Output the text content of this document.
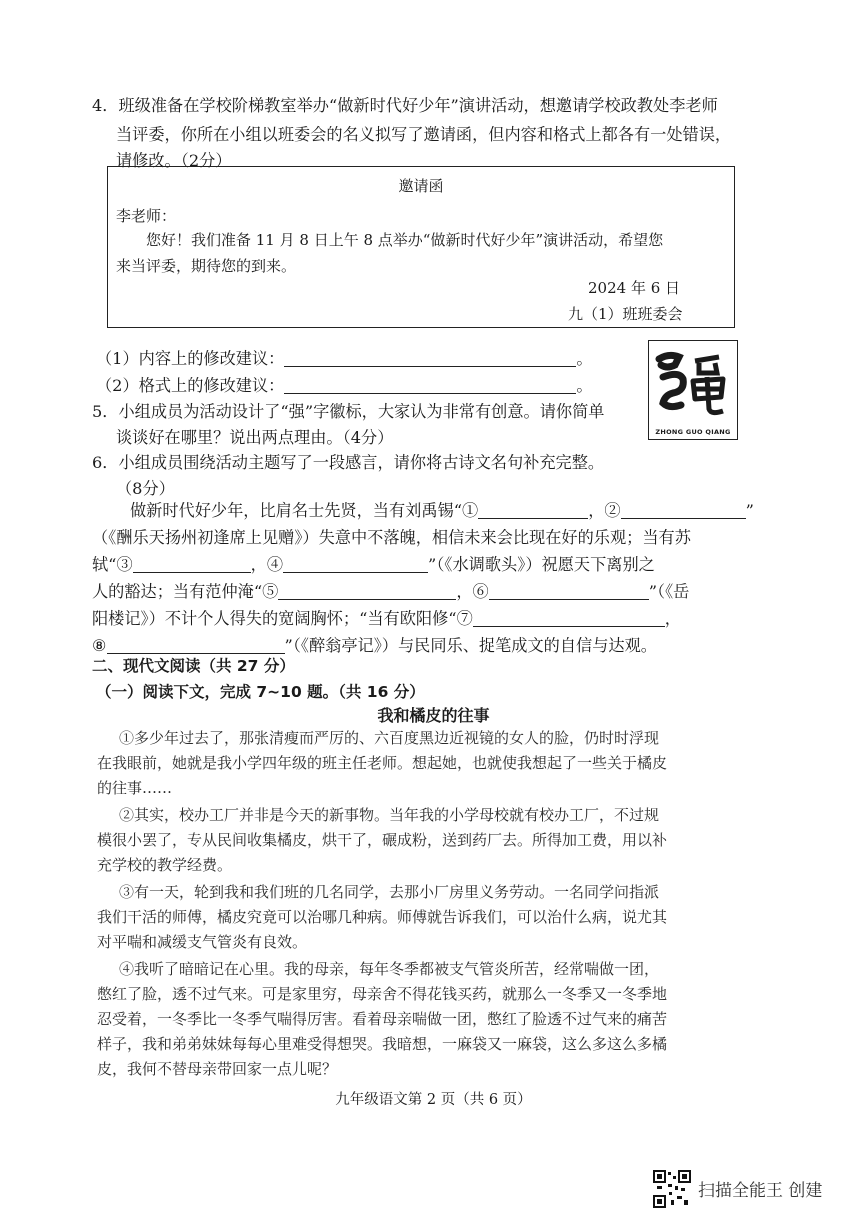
4．班级准备在学校阶梯教室举办“做新时代好少年”演讲活动，想邀请学校政教处李老师
当评委，你所在小组以班委会的名义拟写了邀请函，但内容和格式上都各有一处错误，
请修改。（2分）
邀请函
李老师：
您好！我们准备 11 月 8 日上午 8 点举办“做新时代好少年”演讲活动，希望您
来当评委，期待您的到来。
2024 年 6 日
九（1）班班委会
（1）内容上的修改建议：	。
（2）格式上的修改建议：	。
ZHONG GUO QIANG
5．小组成员为活动设计了“强”字徽标，大家认为非常有创意。请你简单
谈谈好在哪里？说出两点理由。（4分）
6．小组成员围绕活动主题写了一段感言，请你将古诗文名句补充完整。
（8分）
做新时代好少年，比肩名士先贤，当有刘禹锡“①	，②	”
（《酬乐天扬州初逢席上见赠》）失意中不落魄，相信未来会比现在好的乐观；当有苏
轼“③	，④	”（《水调歌头》）祝愿天下离别之
人的豁达；当有范仲淹“⑤	，⑥	”（《岳
阳楼记》）不计个人得失的宽阔胸怀；“当有欧阳修“⑦	，
⑧	”（《醉翁亭记》）与民同乐、捉笔成文的自信与达观。
二、现代文阅读（共 27 分）
（一）阅读下文，完成 7~10 题。（共 16 分）
我和橘皮的往事
①多少年过去了，那张清瘦而严厉的、六百度黑边近视镜的女人的脸，仍时时浮现
在我眼前，她就是我小学四年级的班主任老师。想起她，也就使我想起了一些关于橘皮
的往事……
②其实，校办工厂并非是今天的新事物。当年我的小学母校就有校办工厂，不过规
模很小罢了，专从民间收集橘皮，烘干了，碾成粉，送到药厂去。所得加工费，用以补
充学校的教学经费。
③有一天，轮到我和我们班的几名同学，去那小厂房里义务劳动。一名同学问指派
我们干活的师傅，橘皮究竟可以治哪几种病。师傅就告诉我们，可以治什么病，说尤其
对平喘和减缓支气管炎有良效。
④我听了暗暗记在心里。我的母亲，每年冬季都被支气管炎所苦，经常喘做一团，
憋红了脸，透不过气来。可是家里穷，母亲舍不得花钱买药，就那么一冬季又一冬季地
忍受着，一冬季比一冬季气喘得厉害。看着母亲喘做一团，憋红了脸透不过气来的痛苦
样子，我和弟弟妹妹每每心里难受得想哭。我暗想，一麻袋又一麻袋，这么多这么多橘
皮，我何不替母亲带回家一点儿呢？
九年级语文第 2 页（共 6 页）
扫描全能王 创建
